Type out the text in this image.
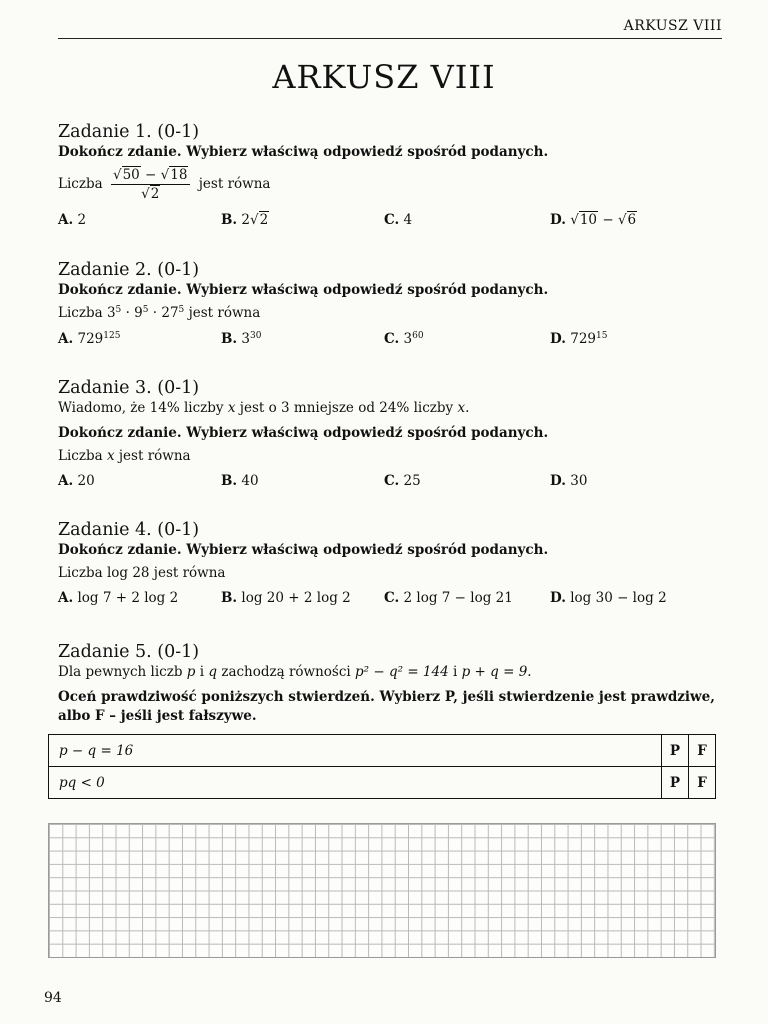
ARKUSZ VIII
ARKUSZ VIII

Zadanie 1. (0-1)

Dokończ zdanie. Wybierz właściwą odpowiedź spośród podanych.

Liczba $\frac{√50 - √18}{√2}$ jest równa
A. 2	B. 2√2	C. 4	D. √10 − √6

Zadanie 2. (0-1)

Dokończ zdanie. Wybierz właściwą odpowiedź spośród podanych.

Liczba $3^5 \cdot 9^5 \cdot 27^5$ jest równa

A. $729^{125}$	B. $3^{30}$	C. $3^{60}$	D. $729^{15}$

Zadanie 3. (0-1)

Wiadomo, że 14% liczby x jest o 3 mniejsze od 24% liczby x.

Dokończ zdanie. Wybierz właściwą odpowiedź spośród podanych.

Liczba x jest równa

A. 20	B. 40	C. 25	D. 30

Zadanie 4. (0-1)

Dokończ zdanie. Wybierz właściwą odpowiedź spośród podanych.

Liczba log 28 jest równa

A. log 7 + 2 log 2	B. log 20 + 2 log 2 C. 2 log 7 − log 21	D. log 30 − log 2

Zadanie 5. (0-1)

Dla pewnych liczb p i q zachodzą równości p² − q² = 144 i p + q = 9.

Oceń prawdziwość poniższych stwierdzeń. Wybierz P, jeśli stwierdzenie jest prawdziwe, albo F – jeśli jest fałszywe.

p − q = 16	P	F
pq < 0	P	F
94
